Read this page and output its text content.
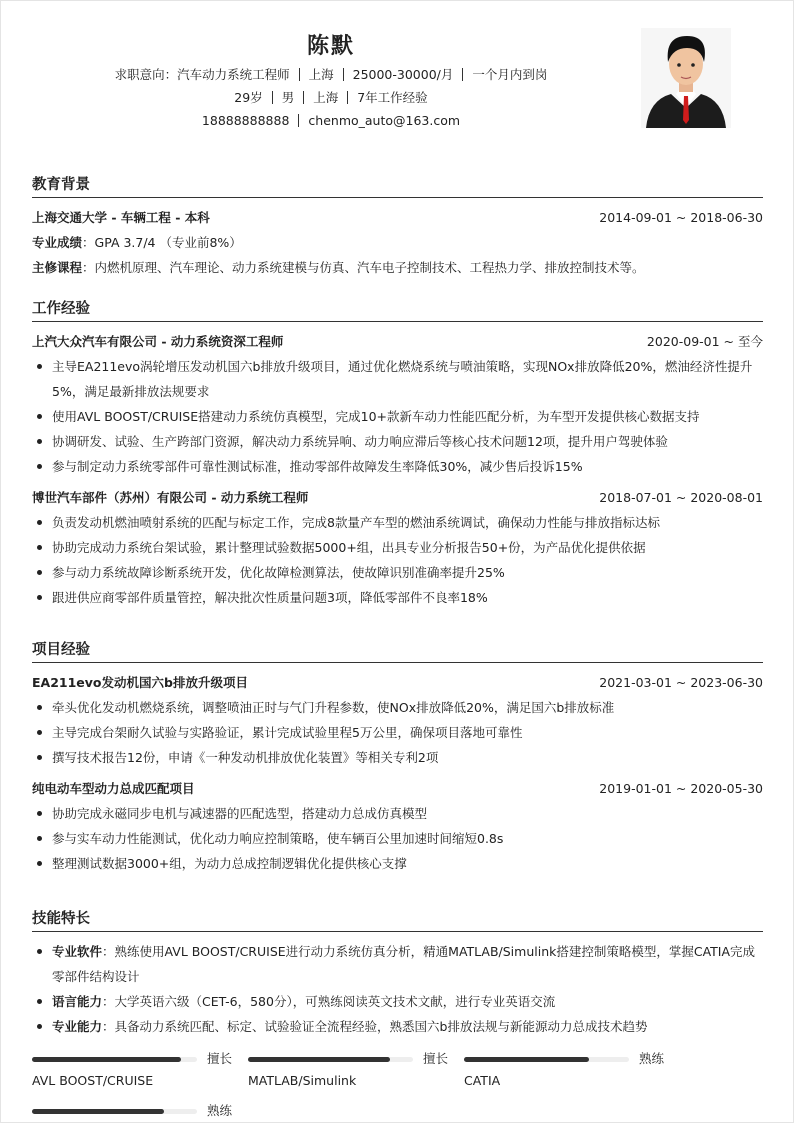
陈默
求职意向：汽车动力系统工程师 上海 25000-30000/月 一个月内到岗
29岁 男 上海 7年工作经验
18888888888 chenmo_auto@163.com
教育背景
上海交通大学 - 车辆工程 - 本科	2014-09-01 ~ 2018-06-30
专业成绩：GPA 3.7/4 （专业前8%）
主修课程：内燃机原理、汽车理论、动力系统建模与仿真、汽车电子控制技术、工程热力学、排放控制技术等。
工作经验
上汽大众汽车有限公司 - 动力系统资深工程师	2020-09-01 ~ 至今
主导EA211evo涡轮增压发动机国六b排放升级项目，通过优化燃烧系统与喷油策略，实现NOx排放降低20%，燃油经济性提升5%，满足最新排放法规要求
使用AVL BOOST/CRUISE搭建动力系统仿真模型，完成10+款新车动力性能匹配分析，为车型开发提供核心数据支持
协调研发、试验、生产跨部门资源，解决动力系统异响、动力响应滞后等核心技术问题12项，提升用户驾驶体验
参与制定动力系统零部件可靠性测试标准，推动零部件故障发生率降低30%，减少售后投诉15%
博世汽车部件（苏州）有限公司 - 动力系统工程师	2018-07-01 ~ 2020-08-01
负责发动机燃油喷射系统的匹配与标定工作，完成8款量产车型的燃油系统调试，确保动力性能与排放指标达标
协助完成动力系统台架试验，累计整理试验数据5000+组，出具专业分析报告50+份，为产品优化提供依据
参与动力系统故障诊断系统开发，优化故障检测算法，使故障识别准确率提升25%
跟进供应商零部件质量管控，解决批次性质量问题3项，降低零部件不良率18%
项目经验
EA211evo发动机国六b排放升级项目	2021-03-01 ~ 2023-06-30
牵头优化发动机燃烧系统，调整喷油正时与气门升程参数，使NOx排放降低20%，满足国六b排放标准
主导完成台架耐久试验与实路验证，累计完成试验里程5万公里，确保项目落地可靠性
撰写技术报告12份，申请《一种发动机排放优化装置》等相关专利2项
纯电动车型动力总成匹配项目	2019-01-01 ~ 2020-05-30
协助完成永磁同步电机与减速器的匹配选型，搭建动力总成仿真模型
参与实车动力性能测试，优化动力响应控制策略，使车辆百公里加速时间缩短0.8s
整理测试数据3000+组，为动力总成控制逻辑优化提供核心支撑
技能特长
专业软件：熟练使用AVL BOOST/CRUISE进行动力系统仿真分析，精通MATLAB/Simulink搭建控制策略模型，掌握CATIA完成零部件结构设计
语言能力：大学英语六级（CET-6，580分），可熟练阅读英文技术文献，进行专业英语交流
专业能力：具备动力系统匹配、标定、试验验证全流程经验，熟悉国六b排放法规与新能源动力总成技术趋势
擅长
AVL BOOST/CRUISE
擅长
MATLAB/Simulink
熟练
CATIA
熟练
